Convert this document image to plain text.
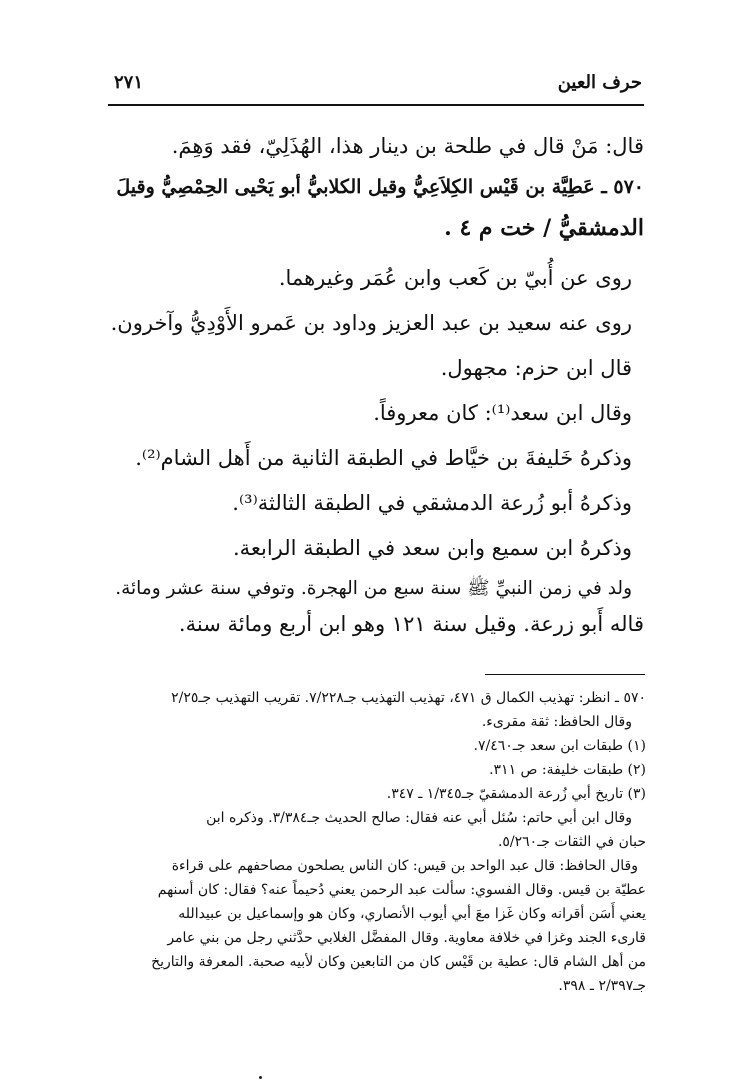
حرف العين
٢٧١

قال: مَنْ قال في طلحة بن دينار هذا، الهُذَلِيّ، فقد وَهِمَ.

٥٧٠ ـ عَطِيَّة بن قَيْس الكِلاَعِيُّ وقيل الكلابيُّ أبو يَحْيى الحِمْصِيُّ وقيلَ

الدمشقيُّ / خت م ٤ .

روى عن أُبيّ بن كَعب وابن عُمَر وغيرهما.

روى عنه سعيد بن عبد العزيز وداود بن عَمرو الأَوْدِيُّ وآخرون.

قال ابن حزم: مجهول.

وقال ابن سعد⁽¹⁾: كان معروفاً.

وذكرهُ خَليفةَ بن خيَّاط في الطبقة الثانية من أَهل الشام⁽²⁾.

وذكرهُ أبو زُرعة الدمشقي في الطبقة الثالثة⁽³⁾.

وذكرهُ ابن سميع وابن سعد في الطبقة الرابعة.

ولد في زمن النبيِّ ﷺ سنة سبع من الهجرة. وتوفي سنة عشر ومائة.

قاله أَبو زرعة. وقيل سنة ١٢١ وهو ابن أربع ومائة سنة.

٥٧٠ ـ انظر: تهذيب الكمال ق ٤٧١، تهذيب التهذيب جـ٧/٢٢٨. تقريب التهذيب جـ٢/٢٥

وقال الحافظ: ثقة مقرىء.

(١) طبقات ابن سعد جـ٧/٤٦٠.

(٢) طبقات خليفة: ص ٣١١.

(٣) تاريخ أبي زُرعة الدمشقيّ جـ١/٣٤٥ ـ ٣٤٧.

وقال ابن أبي حاتم: سُئل أبي عنه فقال: صالح الحديث جـ٣/٣٨٤. وذكره ابن

حبان في الثقات جـ٥/٢٦٠.

وقال الحافظ: قال عبد الواحد بن قيس: كان الناس يصلحون مصاحفهم على قراءة

عطيّة بن قيس. وقال الفسوي: سألت عبد الرحمن يعني دُحيماً عنه؟ فقال: كان أسنهم

يعني أَسَن أقرانه وكان غَزا معَ أبي أيوب الأنصاري، وكان هو وإسماعيل بن عبيدالله

قارىء الجند وغزا في خلافة معاوية. وقال المفضَّل الغلابي حدَّثني رجل من بني عامر

من أهل الشام قال: عطية بن قَيْس كان من التابعين وكان لأبيه صحبة. المعرفة والتاريخ

جـ٢/٣٩٧ ـ ٣٩٨.
